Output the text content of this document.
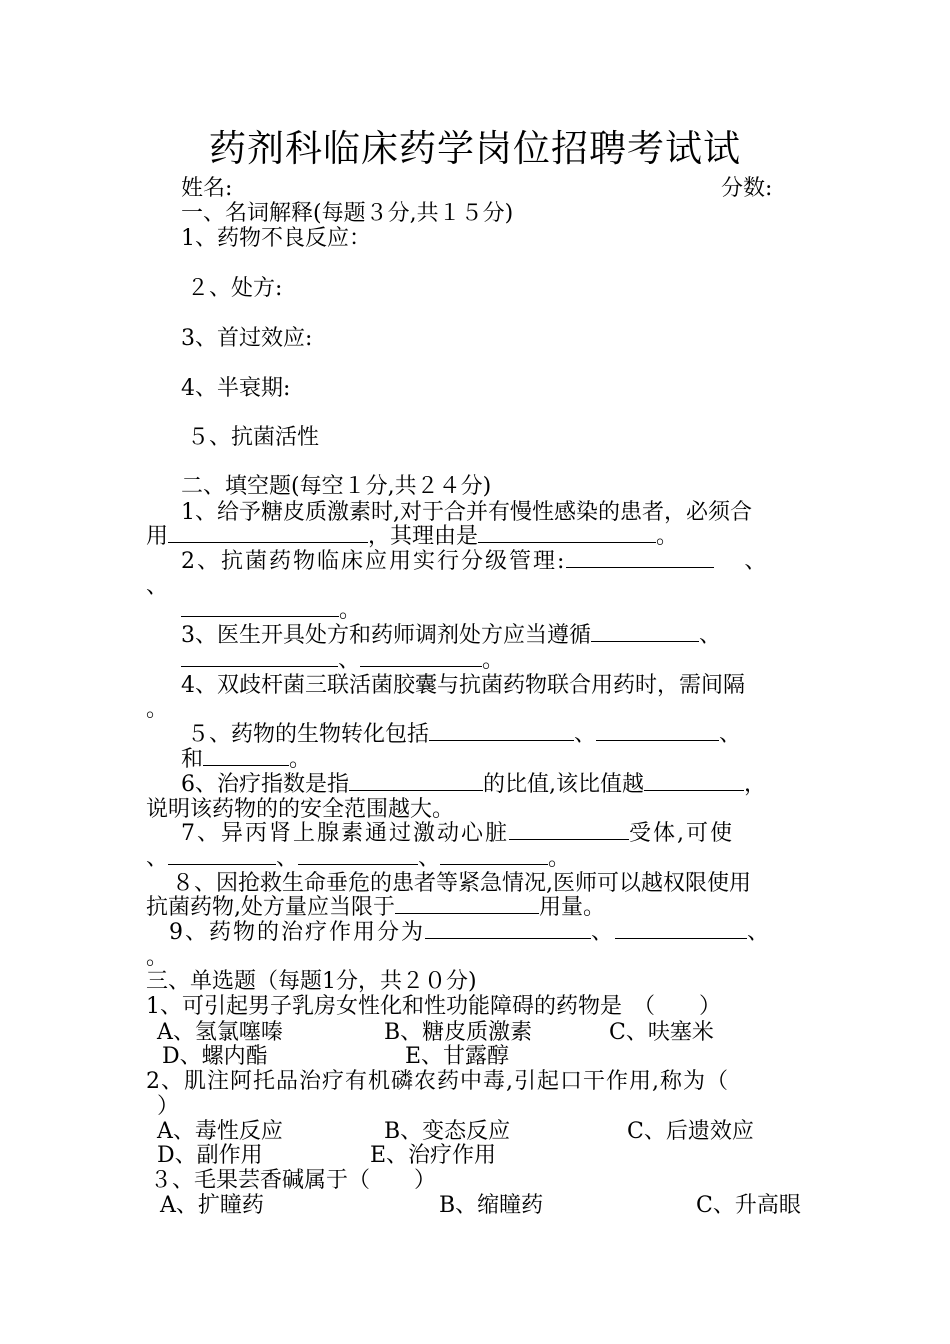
药剂科临床药学岗位招聘考试试
姓名:	分数:
一、名词解释(每题３分,共１５分)
1、药物不良反应：
２、处方:
3、首过效应:
4、半衰期:
５、抗菌活性
二、填空题(每空１分,共２４分)
1、给予糖皮质激素时,对于合并有慢性感染的患者，必须合
用	，其理由是	。
2、抗菌药物临床应用实行分级管理:	、
、
。
3、医生开具处方和药师调剂处方应当遵循	、
、	。
4、双歧杆菌三联活菌胶囊与抗菌药物联合用药时，需间隔
。
５、药物的生物转化包括	、	、
和	。
6、治疗指数是指	的比值,该比值越	，
说明该药物的的安全范围越大。
7、异丙肾上腺素通过激动心脏	受体,可使
、	、	、	。
８、因抢救生命垂危的患者等紧急情况,医师可以越权限使用
抗菌药物,处方量应当限于	用量。
9、药物的治疗作用分为	、	、
。
三、单选题（每题1分，共２０分)
1、可引起男子乳房女性化和性功能障碍的药物是　（　　）
A、氢氯噻嗪	B、糖皮质激素	C、呋塞米
D、螺内酯	E、甘露醇
2、肌注阿托品治疗有机磷农药中毒,引起口干作用,称为（
）
A、毒性反应	B、变态反应	C、后遗效应
D、副作用	E、治疗作用
３、毛果芸香碱属于（　　）
A、扩瞳药	B、缩瞳药	C、升高眼
